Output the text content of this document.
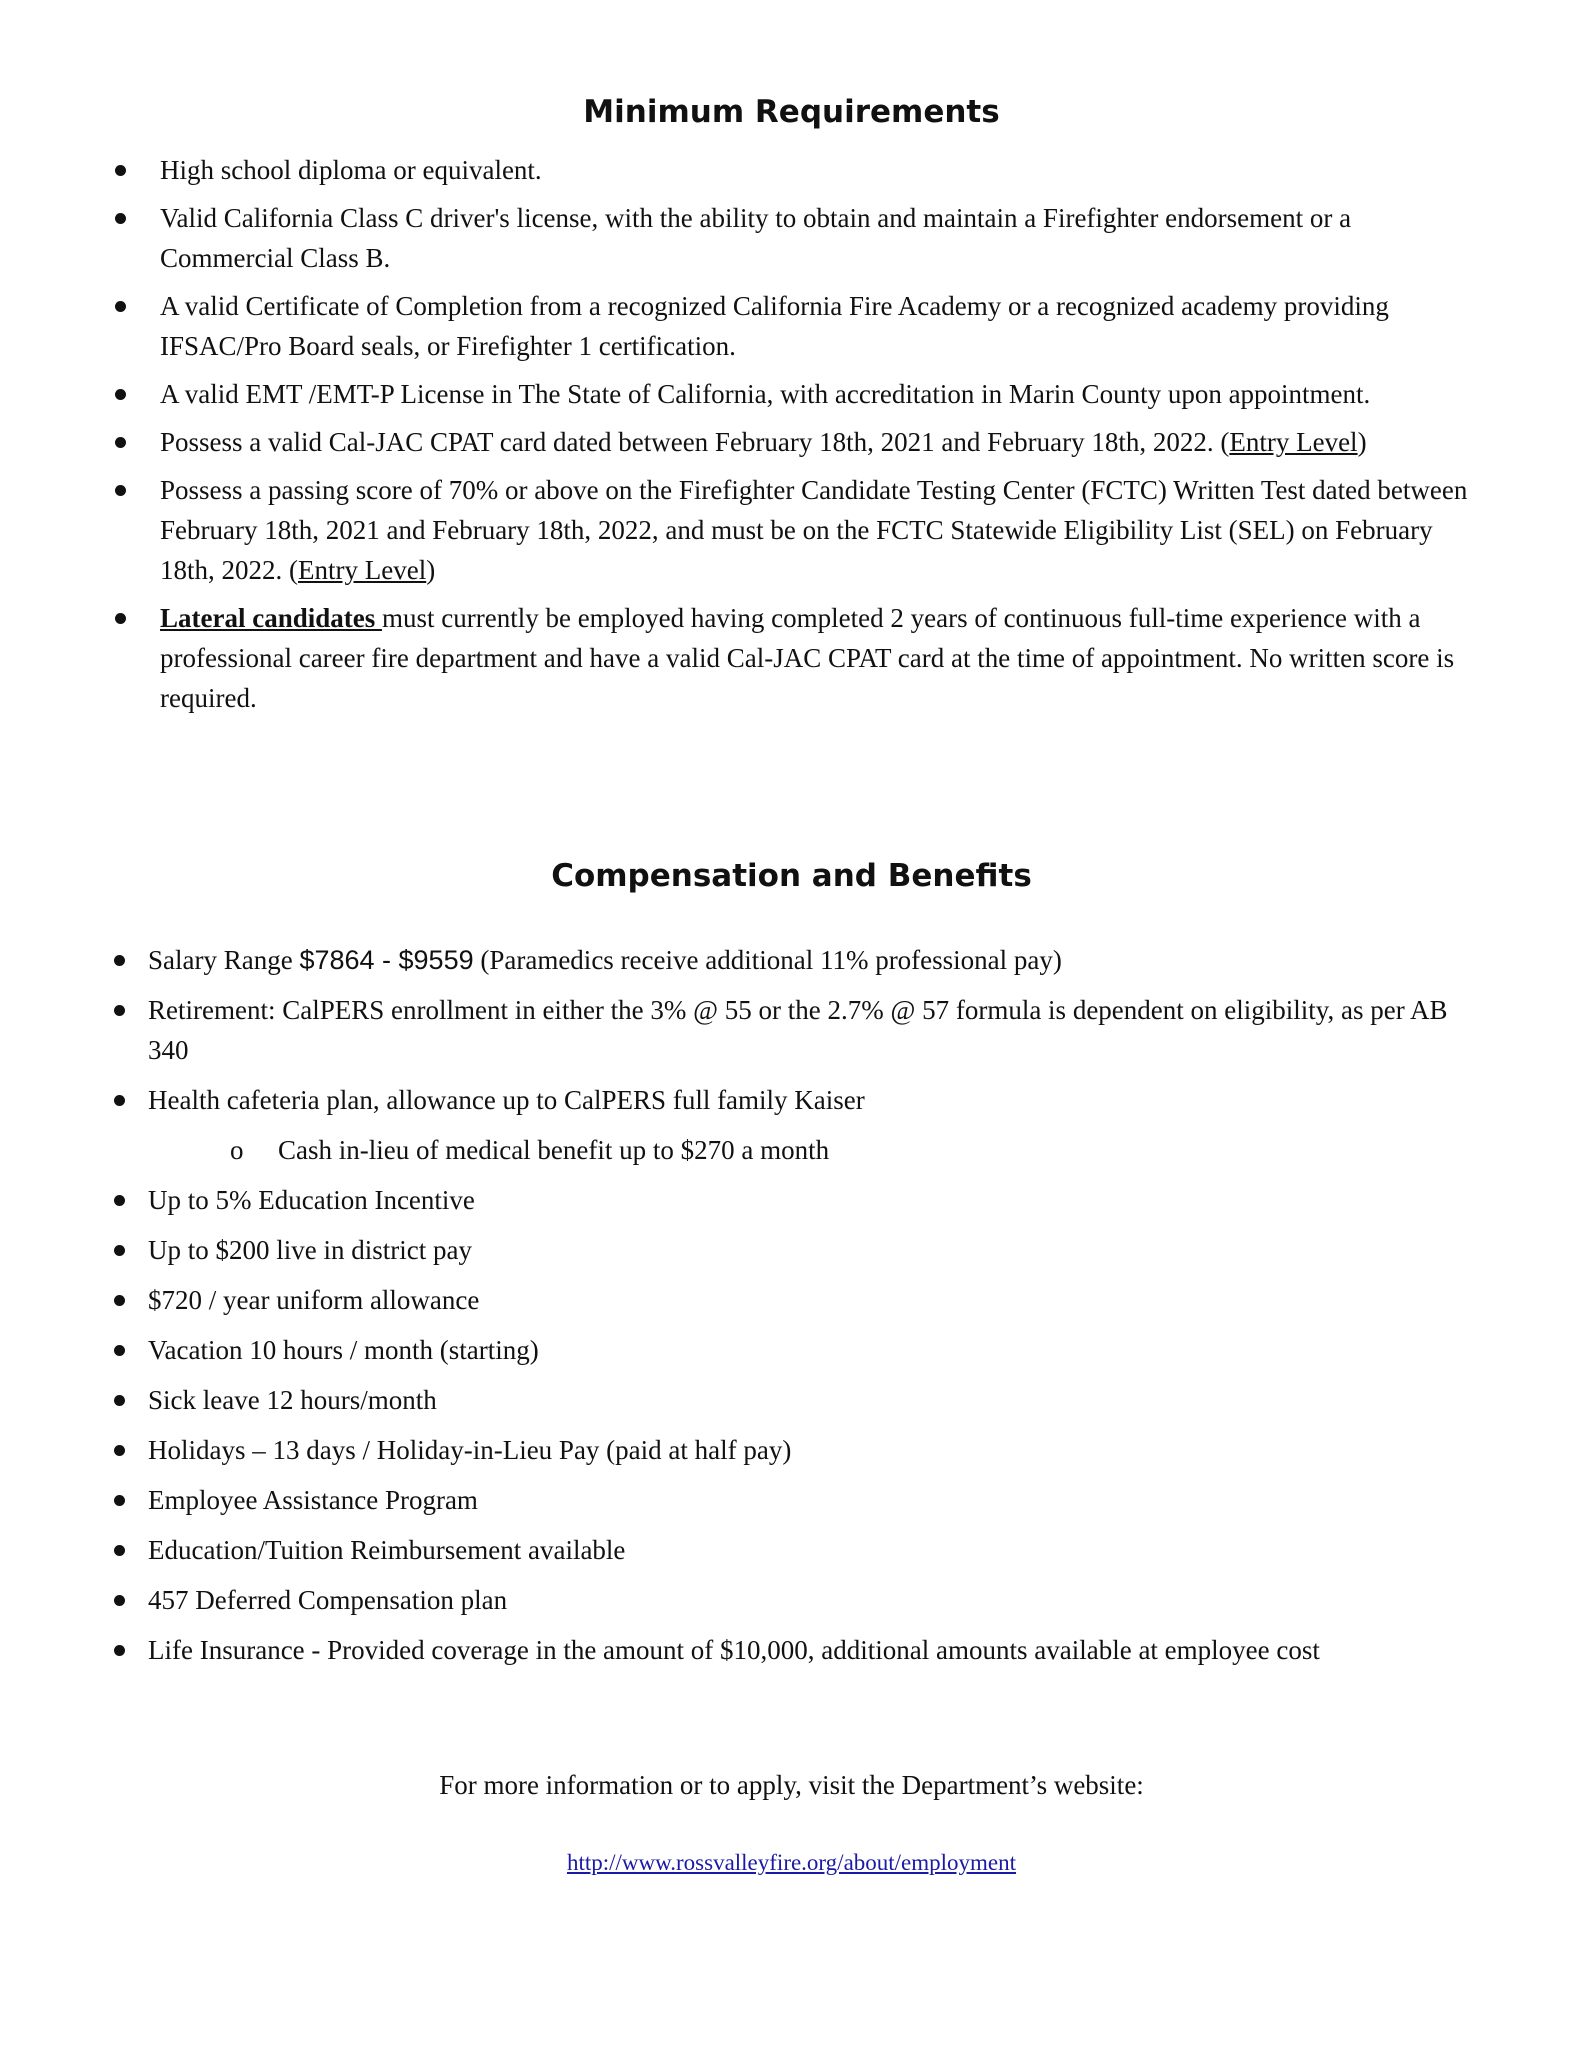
Minimum Requirements
High school diploma or equivalent.
Valid California Class C driver's license, with the ability to obtain and maintain a Firefighter endorsement or a Commercial Class B.
A valid Certificate of Completion from a recognized California Fire Academy or a recognized academy providing IFSAC/Pro Board seals, or Firefighter 1 certification.
A valid EMT /EMT-P License in The State of California, with accreditation in Marin County upon appointment.
Possess a valid Cal-JAC CPAT card dated between February 18th, 2021 and February 18th, 2022. (Entry Level)
Possess a passing score of 70% or above on the Firefighter Candidate Testing Center (FCTC) Written Test dated between February 18th, 2021 and February 18th, 2022, and must be on the FCTC Statewide Eligibility List (SEL) on February 18th, 2022. (Entry Level)
Lateral candidates must currently be employed having completed 2 years of continuous full-time experience with a professional career fire department and have a valid Cal-JAC CPAT card at the time of appointment. No written score is required.
Compensation and Benefits
Salary Range $7864 - $9559 (Paramedics receive additional 11% professional pay)
Retirement: CalPERS enrollment in either the 3% @ 55 or the 2.7% @ 57 formula is dependent on eligibility, as per AB 340
Health cafeteria plan, allowance up to CalPERS full family Kaiser
o Cash in-lieu of medical benefit up to $270 a month
Up to 5% Education Incentive
Up to $200 live in district pay
$720 / year uniform allowance
Vacation 10 hours / month (starting)
Sick leave 12 hours/month
Holidays – 13 days / Holiday-in-Lieu Pay (paid at half pay)
Employee Assistance Program
Education/Tuition Reimbursement available
457 Deferred Compensation plan
Life Insurance - Provided coverage in the amount of $10,000, additional amounts available at employee cost
For more information or to apply, visit the Department’s website:
http://www.rossvalleyfire.org/about/employment
